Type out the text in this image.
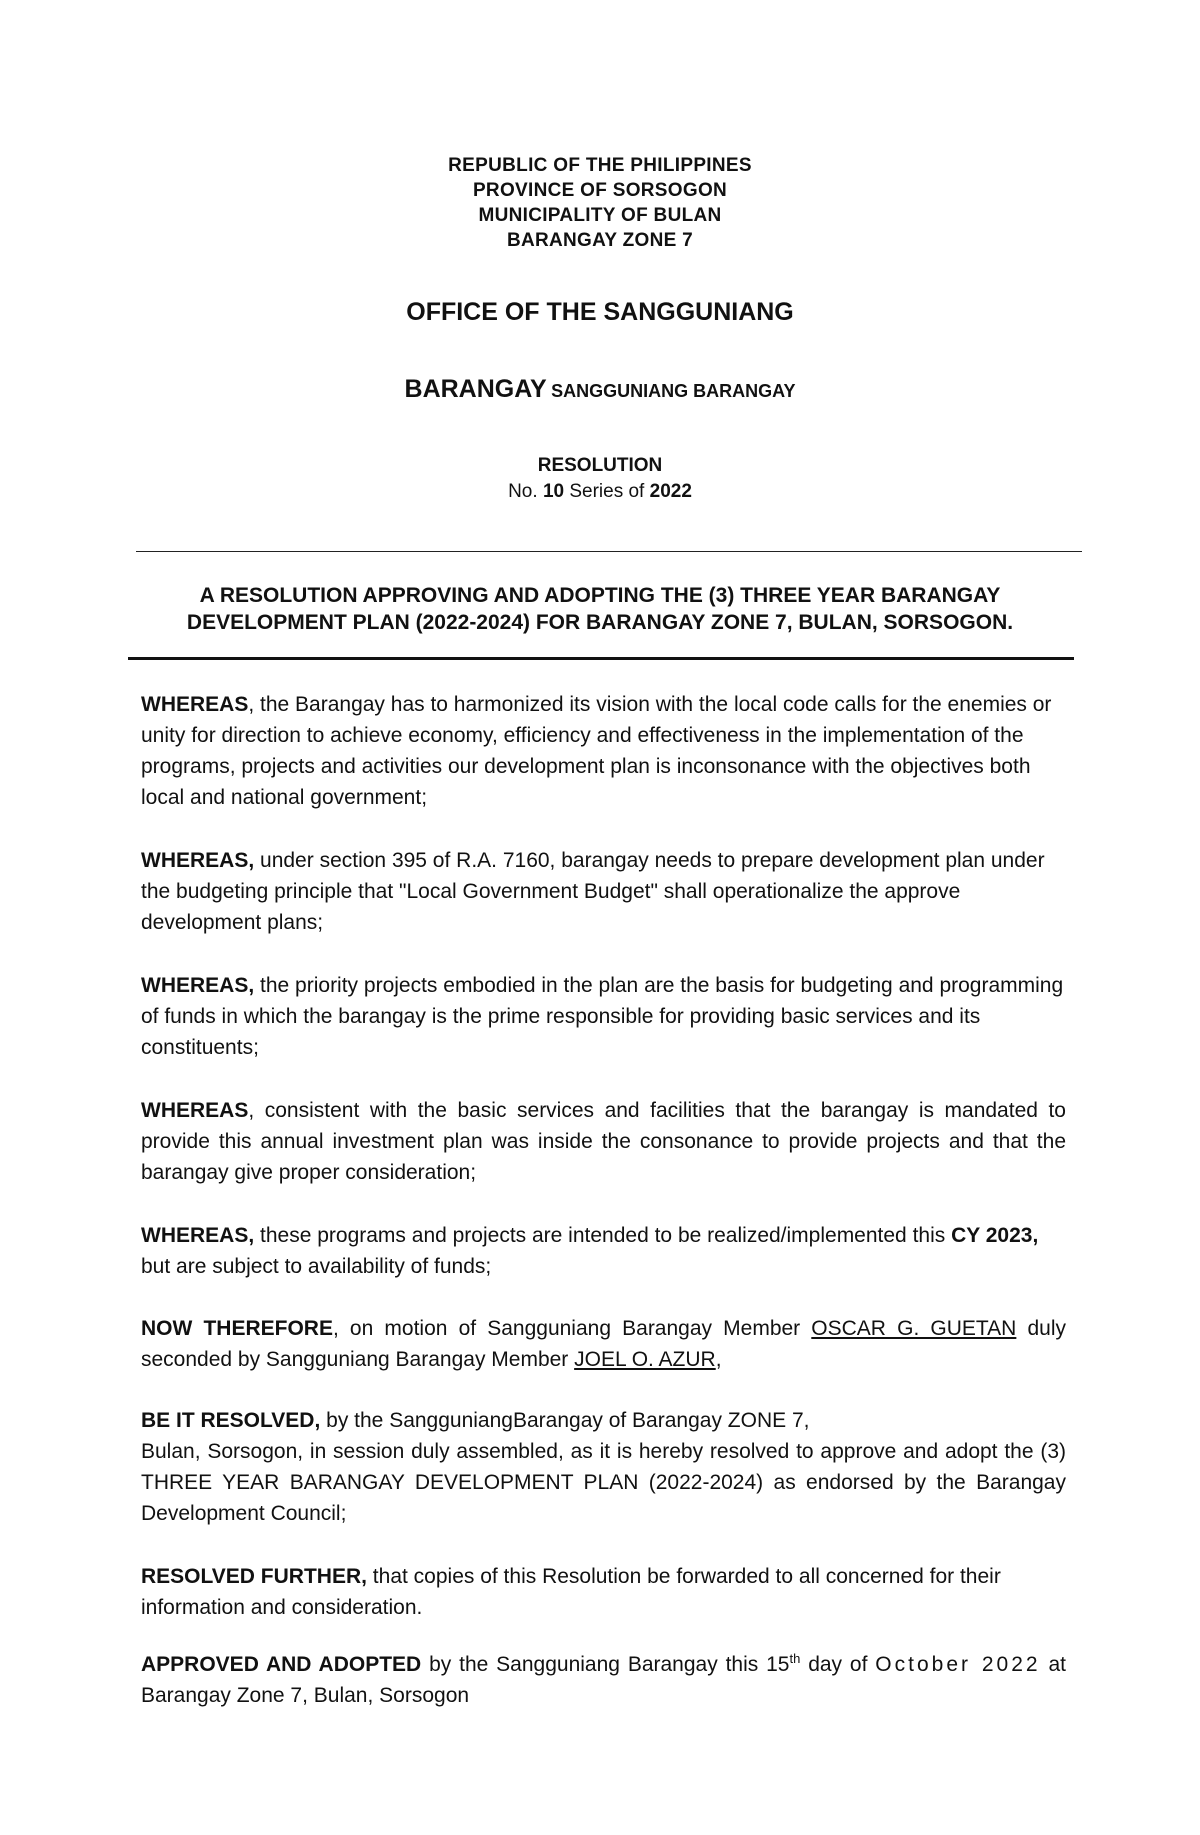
REPUBLIC OF THE PHILIPPINES
PROVINCE OF SORSOGON
MUNICIPALITY OF BULAN
BARANGAY ZONE 7
OFFICE OF THE SANGGUNIANG
BARANGAY SANGGUNIANG BARANGAY
RESOLUTION
No. 10 Series of 2022
A RESOLUTION APPROVING AND ADOPTING THE (3) THREE YEAR BARANGAY
DEVELOPMENT PLAN (2022-2024) FOR BARANGAY ZONE 7, BULAN, SORSOGON.
WHEREAS, the Barangay has to harmonized its vision with the local code calls for the enemies or unity for direction to achieve economy, efficiency and effectiveness in the implementation of the programs, projects and activities our development plan is inconsonance with the objectives both local and national government;
WHEREAS, under section 395 of R.A. 7160, barangay needs to prepare development plan under the budgeting principle that "Local Government Budget" shall operationalize the approve development plans;
WHEREAS, the priority projects embodied in the plan are the basis for budgeting and programming of funds in which the barangay is the prime responsible for providing basic services and its constituents;
WHEREAS, consistent with the basic services and facilities that the barangay is mandated to provide this annual investment plan was inside the consonance to provide projects and that the barangay give proper consideration;
WHEREAS, these programs and projects are intended to be realized/implemented this CY 2023, but are subject to availability of funds;
NOW THEREFORE, on motion of Sangguniang Barangay Member OSCAR G. GUETAN duly seconded by Sangguniang Barangay Member JOEL O. AZUR,
BE IT RESOLVED, by the SangguniangBarangay of Barangay ZONE 7,
Bulan, Sorsogon, in session duly assembled, as it is hereby resolved to approve and adopt the (3) THREE YEAR BARANGAY DEVELOPMENT PLAN (2022-2024) as endorsed by the Barangay Development Council;
RESOLVED FURTHER, that copies of this Resolution be forwarded to all concerned for their information and consideration.
APPROVED AND ADOPTED by the Sangguniang Barangay this 15th day of October 2022 at Barangay Zone 7, Bulan, Sorsogon
